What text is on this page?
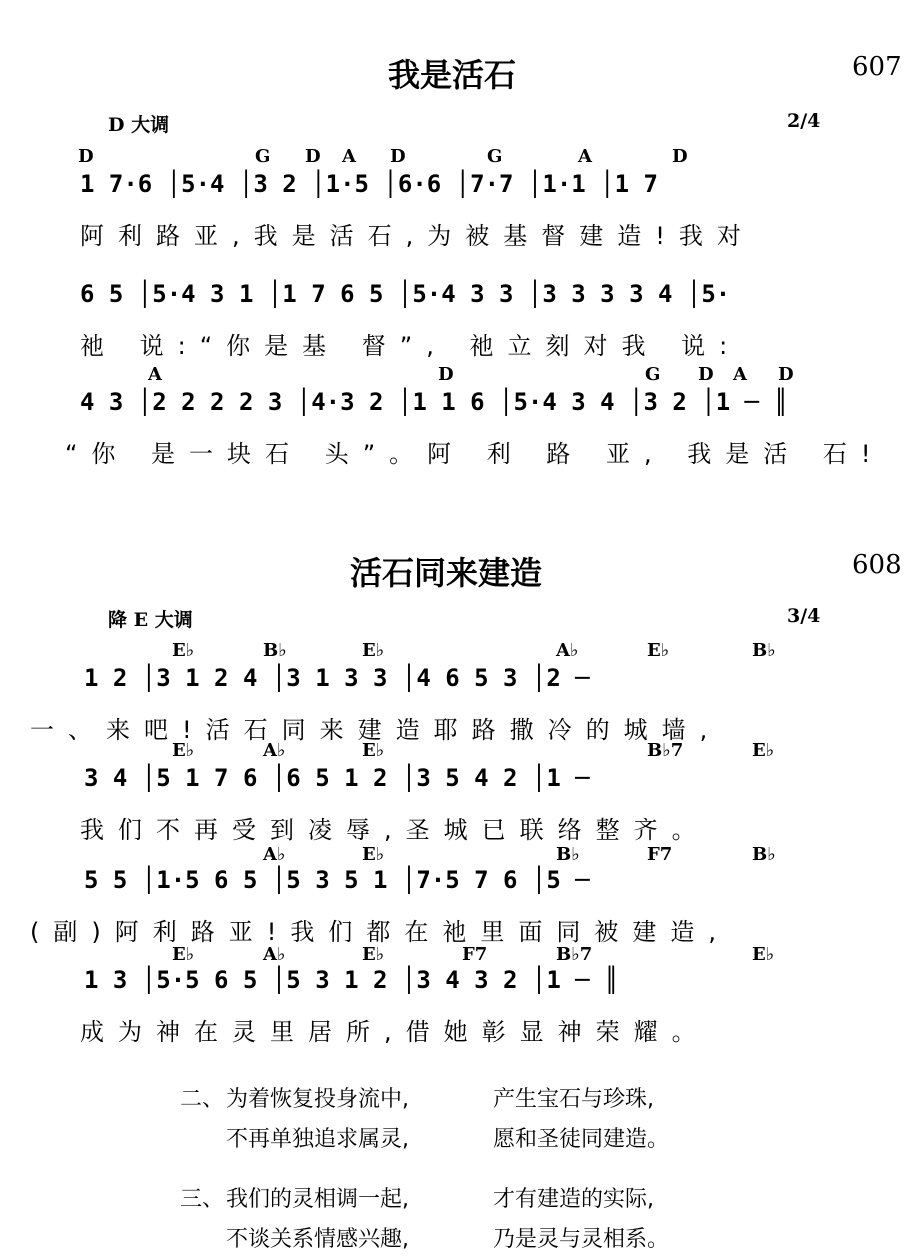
我是活石	607
D 大调	2/4
D	G D A D	G	A	D
1 7·6 │5·4 │3 2 │1·5 │6·6 │7·7 │1·1 │1 7
阿利路亚,我是活石,为被基督建造!我对
6 5 │5·4 3 1 │1 7 6 5 │5·4 3 3 │3 3 3 3 4 │5·
祂 说:“你是基 督”, 祂立刻对我 说:
A	D	G D A D
4 3 │2 2 2 2 3 │4·3 2 │1 1 6 │5·4 3 4 │3 2 │1 ─ ║
“你 是一块石 头”。阿 利 路 亚, 我是活 石!
活石同来建造	608
降 E 大调	3/4
E♭	B♭	E♭	A♭	E♭	B♭
1 2 │3 1 2 4 │3 1 3 3 │4 6 5 3 │2 ─
一、来吧!活石同来建造耶路撒冷的城墙,
E♭	A♭	E♭	B♭7	E♭
3 4 │5 1 7 6 │6 5 1 2 │3 5 4 2 │1 ─
我们不再受到凌辱,圣城已联络整齐。
A♭	E♭	B♭	F7	B♭
5 5 │1·5 6 5 │5 3 5 1 │7·5 7 6 │5 ─
(副)阿利路亚!我们都在祂里面同被建造,
E♭	A♭	E♭	F7	B♭7	E♭
1 3 │5·5 6 5 │5 3 1 2 │3 4 3 2 │1 ─ ║
成为神在灵里居所,借她彰显神荣耀。
二、 为着恢复投身流中,	产生宝石与珍珠,
不再单独追求属灵,	愿和圣徒同建造。
三、 我们的灵相调一起,	才有建造的实际,
不谈关系情感兴趣,	乃是灵与灵相系。
